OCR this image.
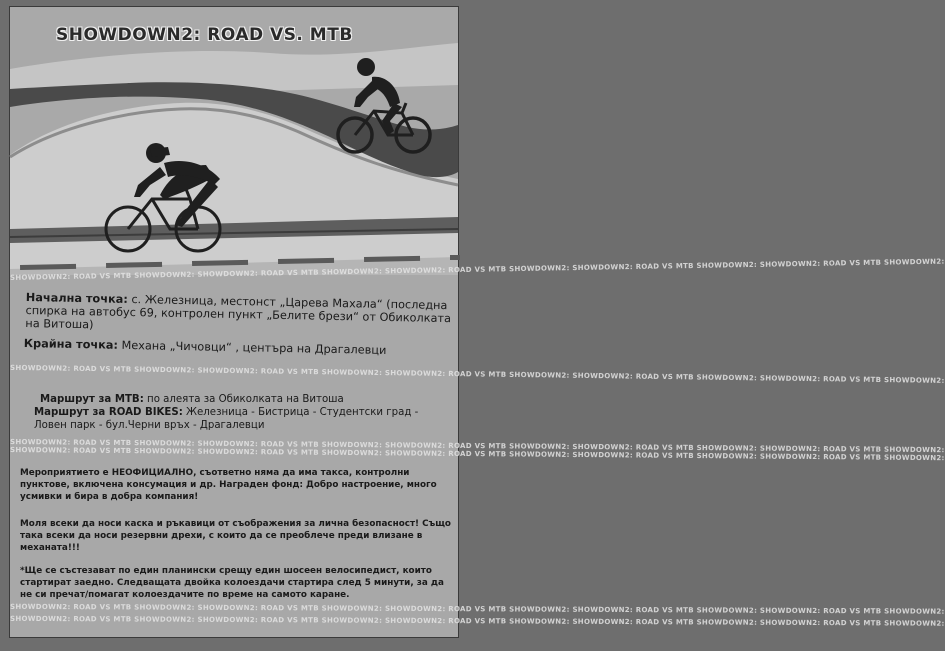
SHOWDOWN2: ROAD VS. MTB
SHOWDOWN2: ROAD VS MTB SHOWDOWN2: SHOWDOWN2: ROAD VS MTB SHOWDOWN2: SHOWDOWN2: ROAD VS MTB SHOWDOWN2: SHOWDOWN2: ROAD VS MTB SHOWDOWN2: SHOWDOWN2: ROAD VS MTB SHOWDOWN2:
SHOWDOWN2: ROAD VS MTB SHOWDOWN2: SHOWDOWN2: ROAD VS MTB SHOWDOWN2: SHOWDOWN2: ROAD VS MTB SHOWDOWN2: SHOWDOWN2: ROAD VS MTB SHOWDOWN2: SHOWDOWN2: ROAD VS MTB SHOWDOWN2:
SHOWDOWN2: ROAD VS MTB SHOWDOWN2: SHOWDOWN2: ROAD VS MTB SHOWDOWN2: SHOWDOWN2: ROAD VS MTB SHOWDOWN2: SHOWDOWN2: ROAD VS MTB SHOWDOWN2: SHOWDOWN2: ROAD VS MTB SHOWDOWN2:
SHOWDOWN2: ROAD VS MTB SHOWDOWN2: SHOWDOWN2: ROAD VS MTB SHOWDOWN2: SHOWDOWN2: ROAD VS MTB SHOWDOWN2: SHOWDOWN2: ROAD VS MTB SHOWDOWN2: SHOWDOWN2: ROAD VS MTB SHOWDOWN2:
SHOWDOWN2: ROAD VS MTB SHOWDOWN2: SHOWDOWN2: ROAD VS MTB SHOWDOWN2: SHOWDOWN2: ROAD VS MTB SHOWDOWN2: SHOWDOWN2: ROAD VS MTB SHOWDOWN2: SHOWDOWN2: ROAD VS MTB SHOWDOWN2:
SHOWDOWN2: ROAD VS MTB SHOWDOWN2: SHOWDOWN2: ROAD VS MTB SHOWDOWN2: SHOWDOWN2: ROAD VS MTB SHOWDOWN2: SHOWDOWN2: ROAD VS MTB SHOWDOWN2: SHOWDOWN2: ROAD VS MTB SHOWDOWN2:
Начална точка: с. Железница, местонст „Царева Махала“ (последна спирка на автобус 69, контролен пункт „Белите брези“ от Обиколката на Витоша)
Крайна точка: Механа „Чичовци“ , центъра на Драгалевци
Маршрут за MTB: по алеята за Обиколката на Витоша
Маршрут за ROAD BIKES: Железница - Бистрица - Студентски град - Ловен парк - бул.Черни връх - Драгалевци
Мероприятието е НЕОФИЦИАЛНО, съответно няма да има такса, контролни пунктове, включена консумация и др. Награден фонд: Добро настроение, много усмивки и бира в добра компания!
Моля всеки да носи каска и ръкавици от съображения за лична безопасност! Също така всеки да носи резервни дрехи, с които да се преоблече преди влизане в механата!!!
*Ще се състезават по един планински срещу един шосеен велосипедист, които стартират заедно. Следващата двойка колоездачи стартира след 5 минути, за да не си пречат/помагат колоездачите по време на самото каране.
